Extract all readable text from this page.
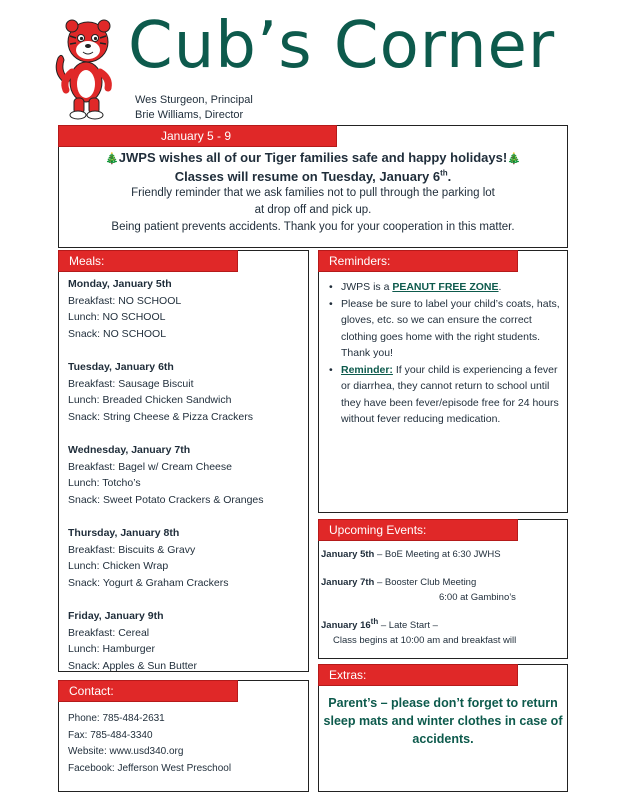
Cub’s Corner
Wes Sturgeon, Principal
Brie Williams, Director
January 5 - 9
🎄JWPS wishes all of our Tiger families safe and happy holidays!🎄
Classes will resume on Tuesday, January 6th.
Friendly reminder that we ask families not to pull through the parking lot
at drop off and pick up.
Being patient prevents accidents. Thank you for your cooperation in this matter.
Meals:
Monday, January 5th
Breakfast: NO SCHOOL
Lunch: NO SCHOOL
Snack: NO SCHOOL
Tuesday, January 6th
Breakfast: Sausage Biscuit
Lunch: Breaded Chicken Sandwich
Snack: String Cheese & Pizza Crackers
Wednesday, January 7th
Breakfast: Bagel w/ Cream Cheese
Lunch: Totcho’s
Snack: Sweet Potato Crackers & Oranges
Thursday, January 8th
Breakfast: Biscuits & Gravy
Lunch: Chicken Wrap
Snack: Yogurt & Graham Crackers
Friday, January 9th
Breakfast: Cereal
Lunch: Hamburger
Snack: Apples & Sun Butter
Contact:
Phone: 785-484-2631
Fax: 785-484-3340
Website: www.usd340.org
Facebook: Jefferson West Preschool
Reminders:
• JWPS is a PEANUT FREE ZONE.
• Please be sure to label your child’s coats, hats, gloves, etc. so we can ensure the correct clothing goes home with the right students. Thank you!
• Reminder: If your child is experiencing a fever or diarrhea, they cannot return to school until they have been fever/episode free for 24 hours without fever reducing medication.
Upcoming Events:
January 5th – BoE Meeting at 6:30 JWHS
January 7th – Booster Club Meeting
6:00 at Gambino’s
January 16th – Late Start –
Class begins at 10:00 am and breakfast will
Extras:
Parent’s – please don’t forget to return sleep mats and winter clothes in case of accidents.
